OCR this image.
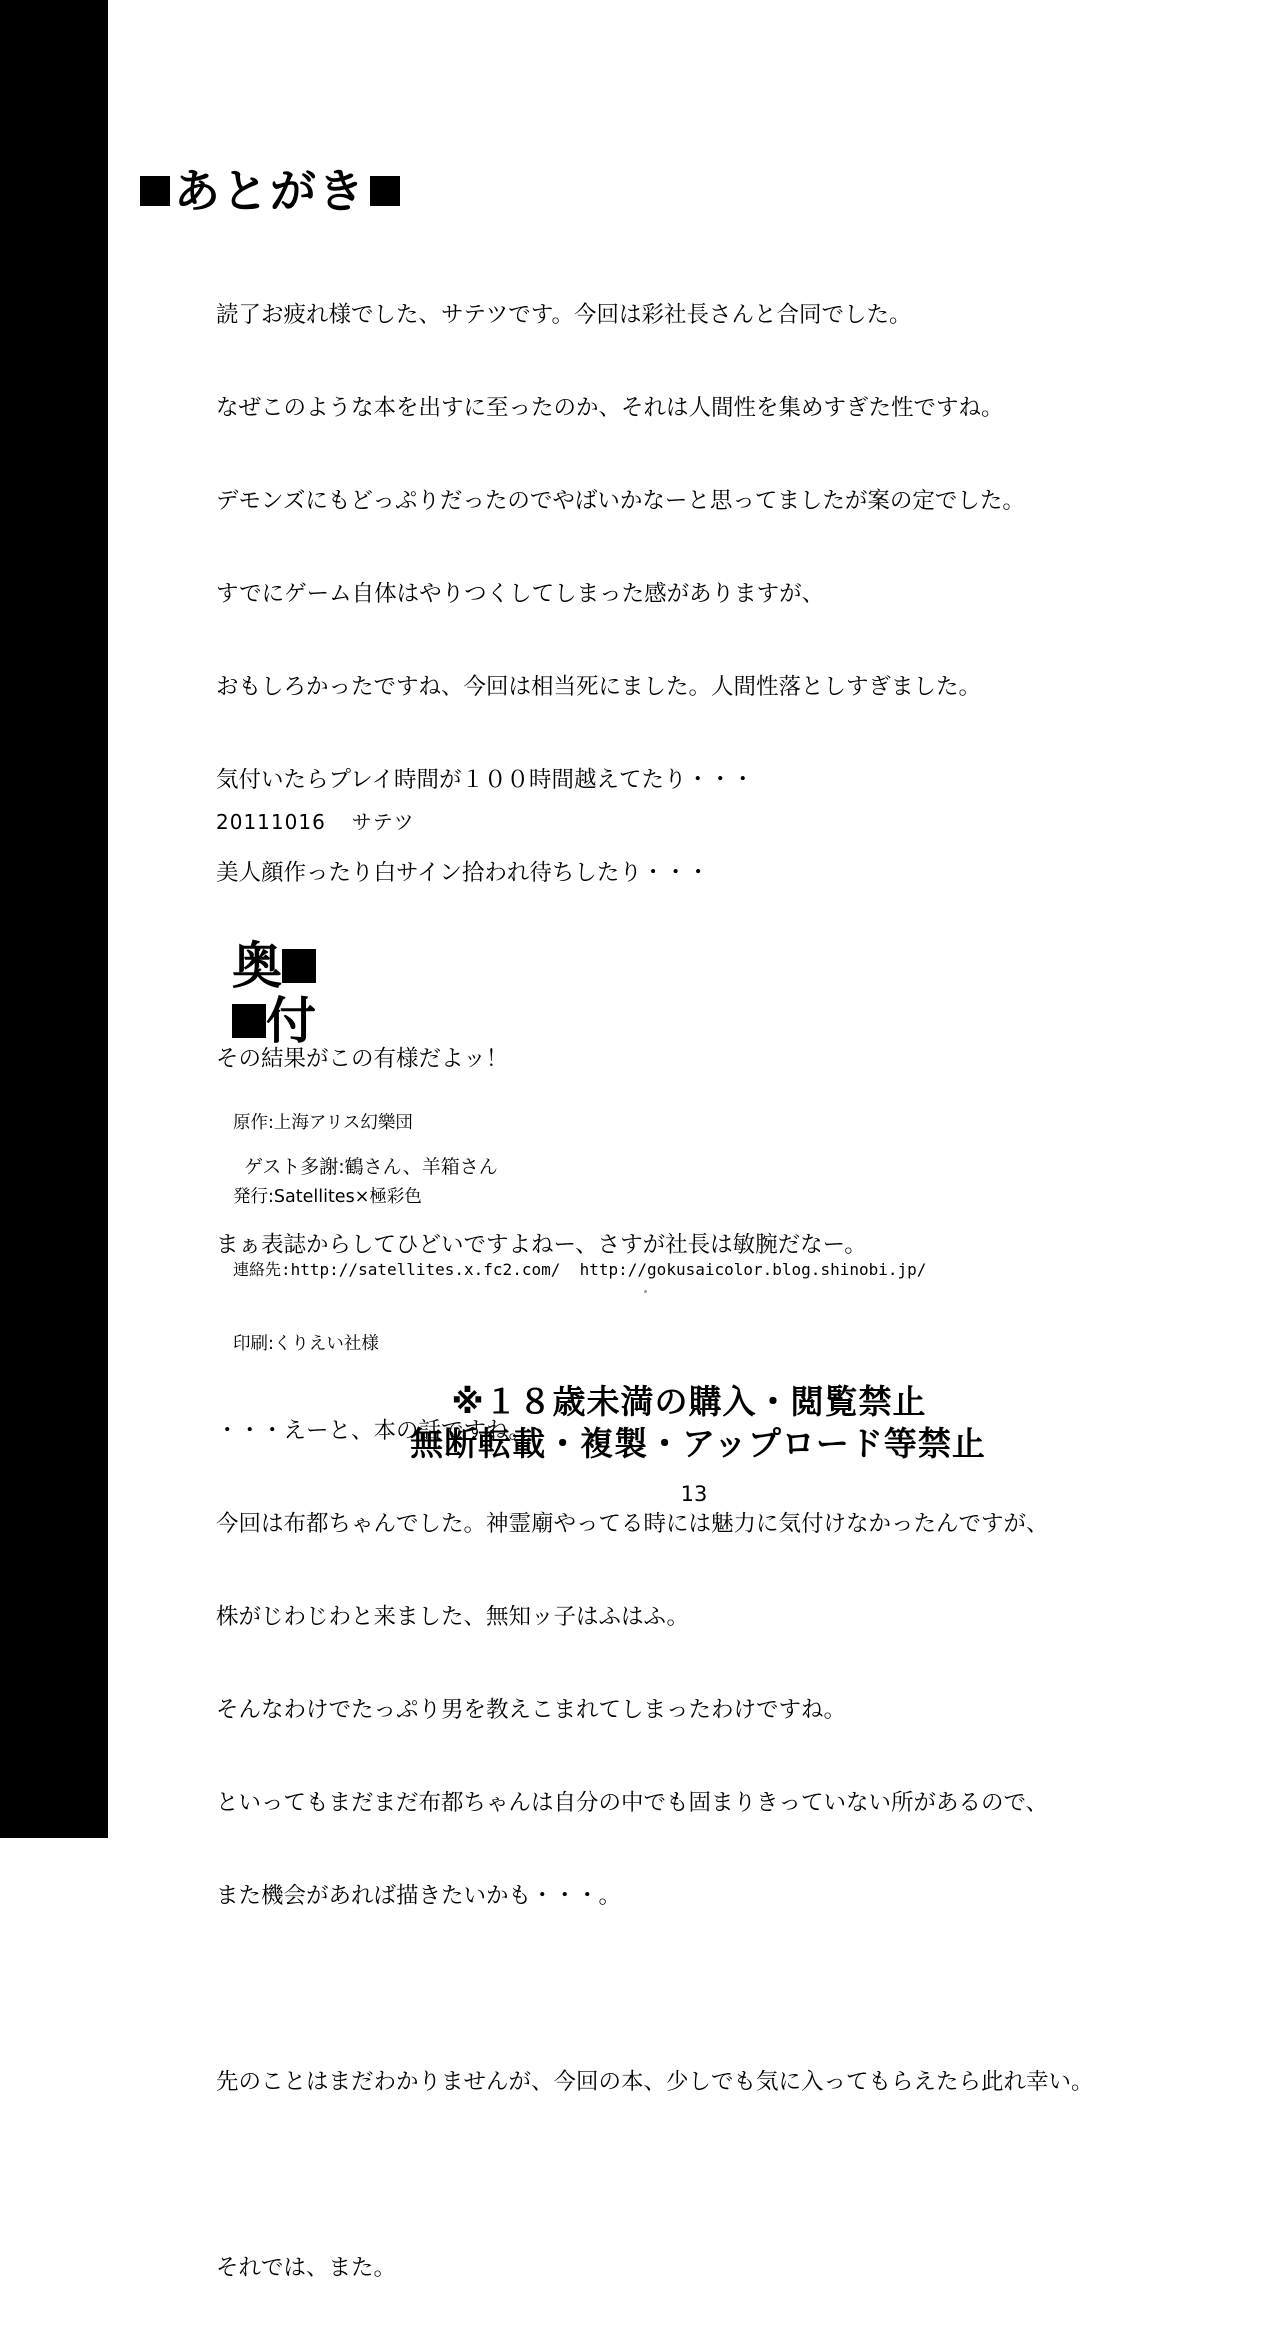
あとがき

読了お疲れ様でした、サテツです。今回は彩社長さんと合同でした。

なぜこのような本を出すに至ったのか、それは人間性を集めすぎた性ですね。

デモンズにもどっぷりだったのでやばいかなーと思ってましたが案の定でした。

すでにゲーム自体はやりつくしてしまった感がありますが、

おもしろかったですね、今回は相当死にました。人間性落としすぎました。

気付いたらプレイ時間が１００時間越えてたり・・・

美人顔作ったり白サイン拾われ待ちしたり・・・

その結果がこの有様だよッ！

まぁ表誌からしてひどいですよねー、さすが社長は敏腕だなー。

・・・えーと、本の話ですね。

今回は布都ちゃんでした。神霊廟やってる時には魅力に気付けなかったんですが、

株がじわじわと来ました、無知ッ子はふはふ。

そんなわけでたっぷり男を教えこまれてしまったわけですね。

といってもまだまだ布都ちゃんは自分の中でも固まりきっていない所があるので、

また機会があれば描きたいかも・・・。

先のことはまだわかりませんが、今回の本、少しでも気に入ってもらえたら此れ幸い。

それでは、また。

20111016 サテツ
奥
付

原作:上海アリス幻樂団

発行:Satellites×極彩色

連絡先:http://satellites.x.fc2.com/  http://gokusaicolor.blog.shinobi.jp/

印刷:くりえい社様

ゲスト多謝:鶴さん、羊箱さん
※１８歳未満の購入・閲覧禁止
無断転載・複製・アップロード等禁止
13
